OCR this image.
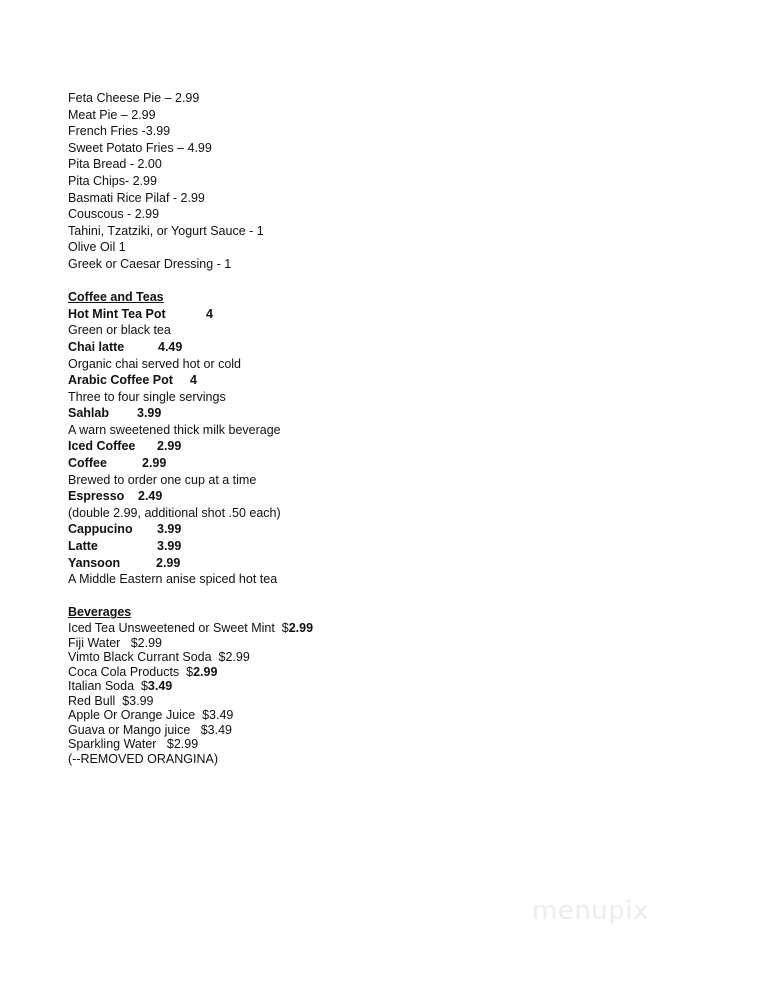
Feta Cheese Pie – 2.99
Meat Pie – 2.99
French Fries -3.99
Sweet Potato Fries – 4.99
Pita Bread - 2.00
Pita Chips- 2.99
Basmati Rice Pilaf - 2.99
Couscous - 2.99
Tahini, Tzatziki, or Yogurt Sauce - 1
Olive Oil 1
Greek or Caesar Dressing - 1
Coffee and Teas
Hot Mint Tea Pot	4
Green or black tea
Chai latte	4.49
Organic chai served hot or cold
Arabic Coffee Pot 4
Three to four single servings
Sahlab 3.99
A warn sweetened thick milk beverage
Iced Coffee 2.99
Coffee	2.99
Brewed to order one cup at a time
Espresso 2.49
(double 2.99, additional shot .50 each)
Cappucino 3.99
Latte	3.99
Yansoon	2.99
A Middle Eastern anise spiced hot tea
Beverages
Iced Tea Unsweetened or Sweet Mint  $2.99
Fiji Water   $2.99
Vimto Black Currant Soda  $2.99
Coca Cola Products  $2.99
Italian Soda  $3.49
Red Bull  $3.99
Apple Or Orange Juice  $3.49
Guava or Mango juice   $3.49
Sparkling Water   $2.99
(--REMOVED ORANGINA)
menupix
